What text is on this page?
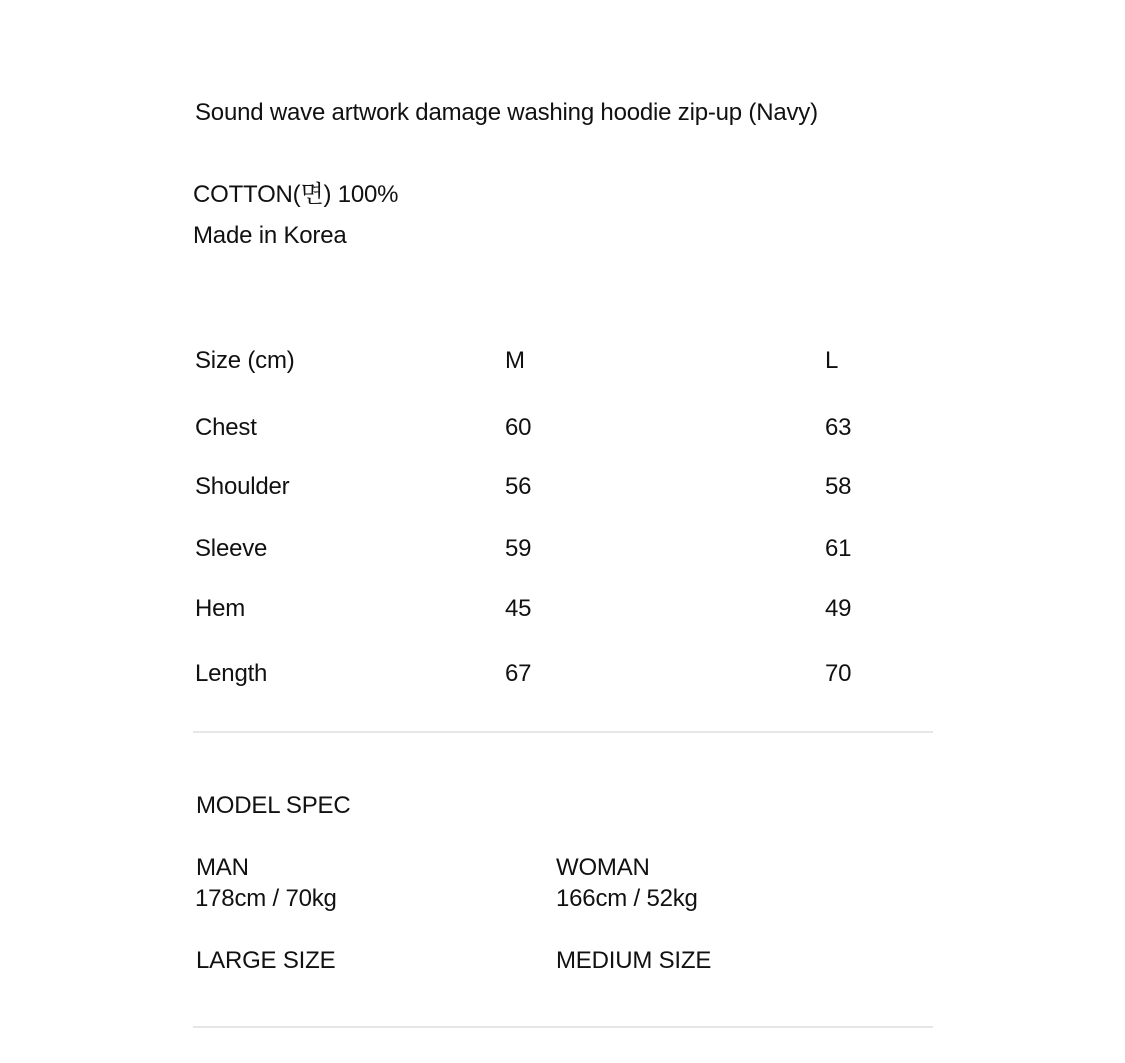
Sound wave artwork damage washing hoodie zip-up (Navy)
COTTON(면) 100%
Made in Korea
Size (cm)	M	L
Chest	60	63
Shoulder	56	58
Sleeve	59	61
Hem	45	49
Length	67	70
MODEL SPEC
MAN
178cm / 70kg
WOMAN
166cm / 52kg
LARGE SIZE	MEDIUM SIZE
